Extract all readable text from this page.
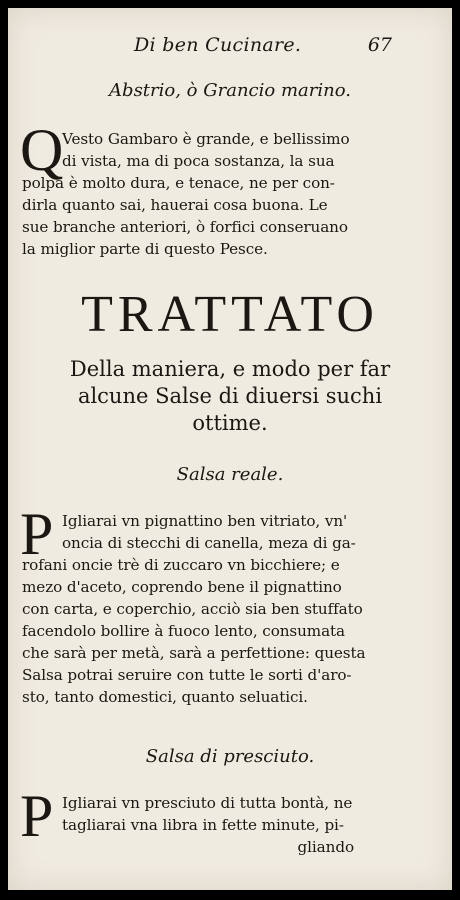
Di ben Cucinare.	67
Abstrio, ò Grancio marino.
Q
Vesto Gambaro è grande, e bellissimo
di vista, ma di poca sostanza, la sua
polpa è molto dura, e tenace, ne per con-
dirla quanto sai, hauerai cosa buona. Le
sue branche anteriori, ò forfici conseruano
la miglior parte di questo Pesce.
TRATTATO
Della maniera, e modo per far
alcune Salse di diuersi suchi
ottime.
Salsa reale.
P Igliarai vn pignattino ben vitriato, vn'
oncia di stecchi di canella, meza di ga-
rofani oncie trè di zuccaro vn bicchiere; e
mezo d'aceto, coprendo bene il pignattino
con carta, e coperchio, acciò sia ben stuffato
facendolo bollire à fuoco lento, consumata
che sarà per metà, sarà a perfettione: questa
Salsa potrai seruire con tutte le sorti d'aro-
sto, tanto domestici, quanto seluatici.
Salsa di presciuto.
P Igliarai vn presciuto di tutta bontà, ne
tagliarai vna libra in fette minute, pi-
gliando
